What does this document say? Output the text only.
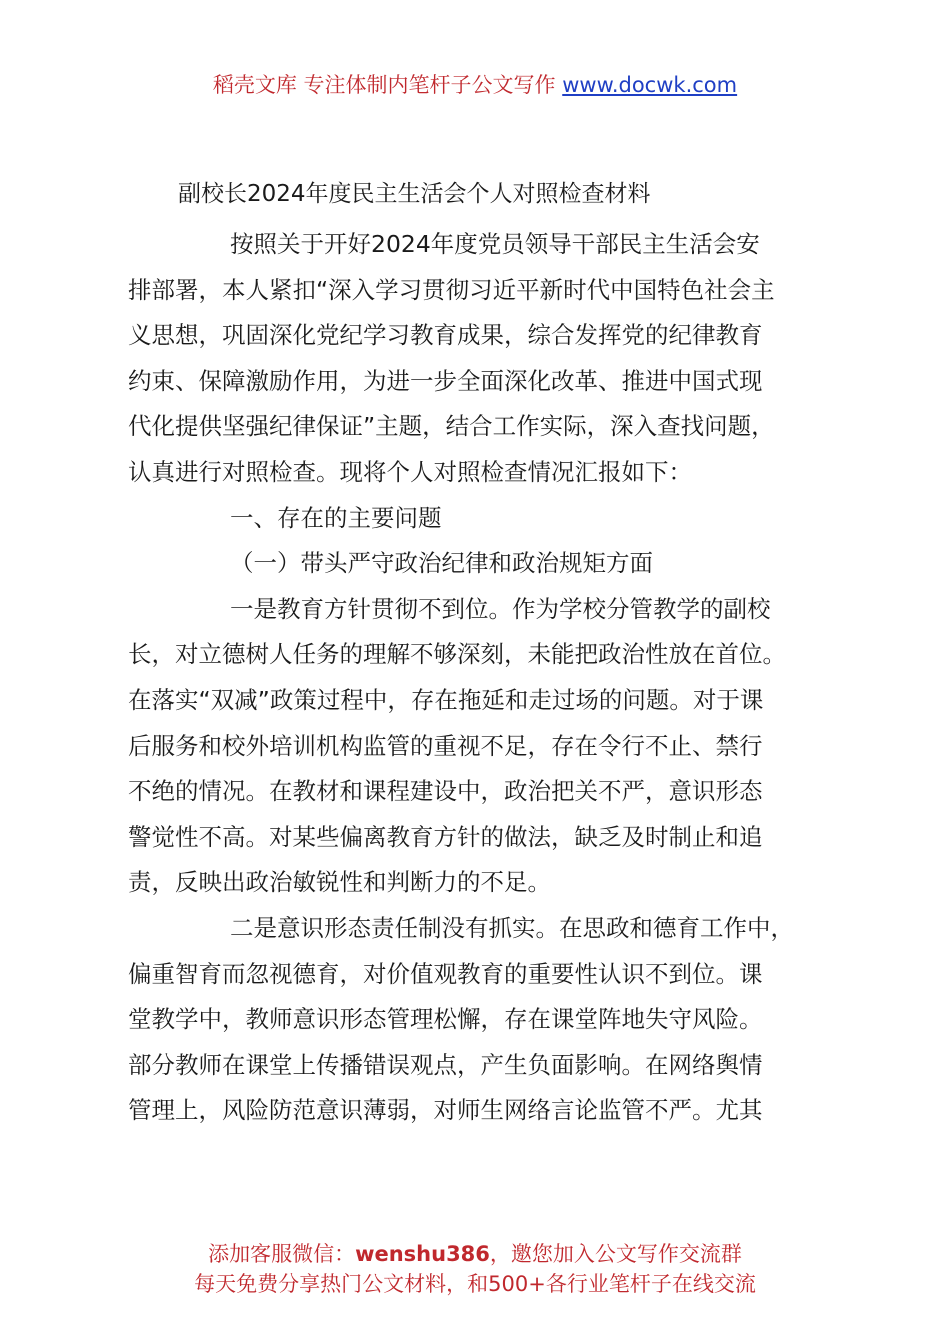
稻壳文库 专注体制内笔杆子公文写作 www.docwk.com
副校长2024年度民主生活会个人对照检查材料
按照关于开好2024年度党员领导干部民主生活会安
排部署，本人紧扣“深入学习贯彻习近平新时代中国特色社会主
义思想，巩固深化党纪学习教育成果，综合发挥党的纪律教育
约束、保障激励作用，为进一步全面深化改革、推进中国式现
代化提供坚强纪律保证”主题，结合工作实际，深入查找问题，
认真进行对照检查。现将个人对照检查情况汇报如下：
一、存在的主要问题
（一）带头严守政治纪律和政治规矩方面
一是教育方针贯彻不到位。作为学校分管教学的副校
长，对立德树人任务的理解不够深刻，未能把政治性放在首位。
在落实“双减”政策过程中，存在拖延和走过场的问题。对于课
后服务和校外培训机构监管的重视不足，存在令行不止、禁行
不绝的情况。在教材和课程建设中，政治把关不严，意识形态
警觉性不高。对某些偏离教育方针的做法，缺乏及时制止和追
责，反映出政治敏锐性和判断力的不足。
二是意识形态责任制没有抓实。在思政和德育工作中，
偏重智育而忽视德育，对价值观教育的重要性认识不到位。课
堂教学中，教师意识形态管理松懈，存在课堂阵地失守风险。
部分教师在课堂上传播错误观点，产生负面影响。在网络舆情
管理上，风险防范意识薄弱，对师生网络言论监管不严。尤其
添加客服微信：wenshu386，邀您加入公文写作交流群
每天免费分享热门公文材料，和500+各行业笔杆子在线交流
